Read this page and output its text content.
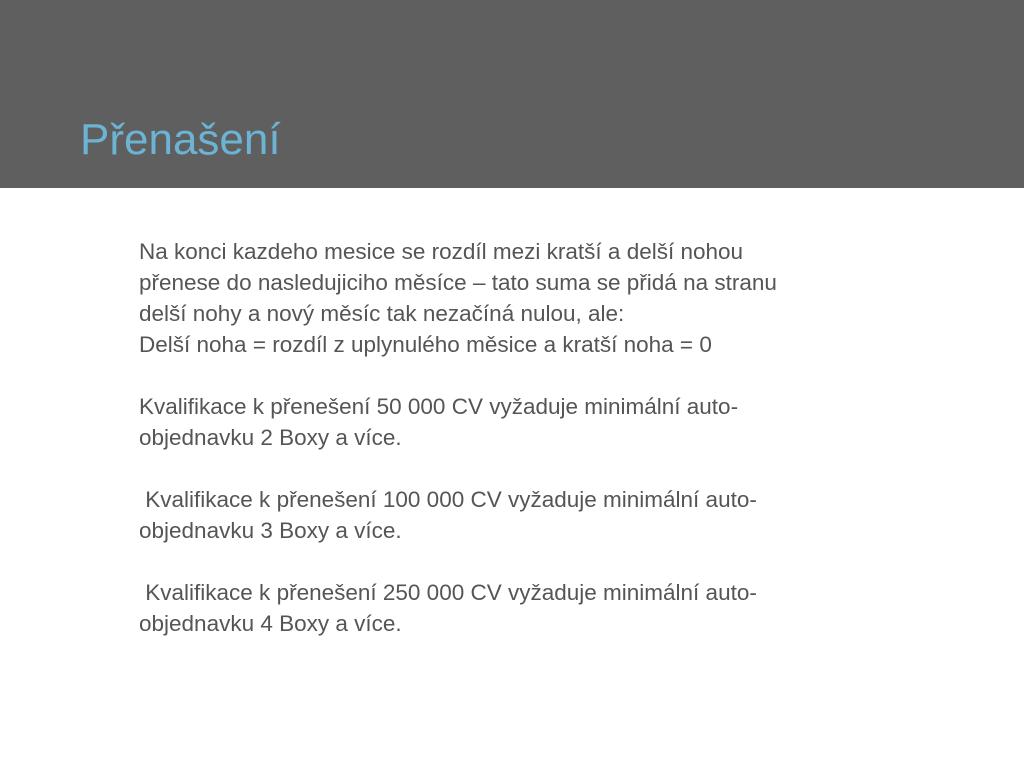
Přenašení

Na konci kazdeho mesice se rozdíl mezi kratší a delší nohou

přenese do nasledujiciho měsíce – tato suma se přidá na stranu

delší nohy a nový měsíc tak nezačíná nulou, ale:

Delší noha = rozdíl z uplynulého měsice a kratší noha = 0

Kvalifikace k přenešení 50 000 CV vyžaduje minimální auto-

objednavku 2 Boxy a více.

Kvalifikace k přenešení 100 000 CV vyžaduje minimální auto-

objednavku 3 Boxy a více.

Kvalifikace k přenešení 250 000 CV vyžaduje minimální auto-

objednavku 4 Boxy a více.
